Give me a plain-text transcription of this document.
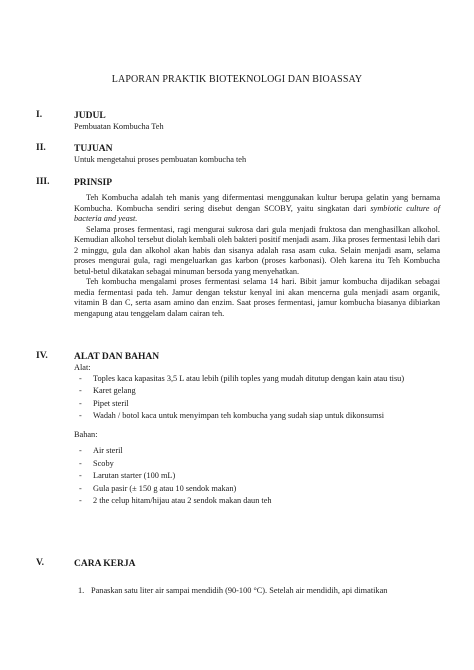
LAPORAN PRAKTIK BIOTEKNOLOGI DAN BIOASSAY
I.	JUDUL

Pembuatan Kombucha Teh

II.	TUJUAN

Untuk mengetahui proses pembuatan kombucha teh

III.	PRINSIP

Teh Kombucha adalah teh manis yang difermentasi menggunakan kultur berupa gelatin yang bernama Kombucha. Kombucha sendiri sering disebut dengan SCOBY, yaitu singkatan dari symbiotic culture of bacteria and yeast.

Selama proses fermentasi, ragi mengurai sukrosa dari gula menjadi fruktosa dan menghasilkan alkohol. Kemudian alkohol tersebut diolah kembali oleh bakteri positif menjadi asam. Jika proses fermentasi lebih dari 2 minggu, gula dan alkohol akan habis dan sisanya adalah rasa asam cuka. Selain menjadi asam, selama proses mengurai gula, ragi mengeluarkan gas karbon (proses karbonasi). Oleh karena itu Teh Kombucha betul-betul dikatakan sebagai minuman bersoda yang menyehatkan.

Teh kombucha mengalami proses fermentasi selama 14 hari. Bibit jamur kombucha dijadikan sebagai media fermentasi pada teh. Jamur dengan tekstur kenyal ini akan mencerna gula menjadi asam organik, vitamin B dan C, serta asam amino dan enzim. Saat proses fermentasi, jamur kombucha biasanya dibiarkan mengapung atau tenggelam dalam cairan teh.

IV.	ALAT DAN BAHAN

Alat:

- Toples kaca kapasitas 3,5 L atau lebih (pilih toples yang mudah ditutup dengan kain atau tisu)
- Karet gelang
- Pipet steril
- Wadah / botol kaca untuk menyimpan teh kombucha yang sudah siap untuk dikonsumsi

Bahan:

- Air steril
- Scoby
- Larutan starter (100 mL)
- Gula pasir (± 150 g atau 10 sendok makan)
- 2 the celup hitam/hijau atau 2 sendok makan daun teh
V.	CARA KERJA
1. Panaskan satu liter air sampai mendidih (90-100 °C). Setelah air mendidih, api dimatikan
